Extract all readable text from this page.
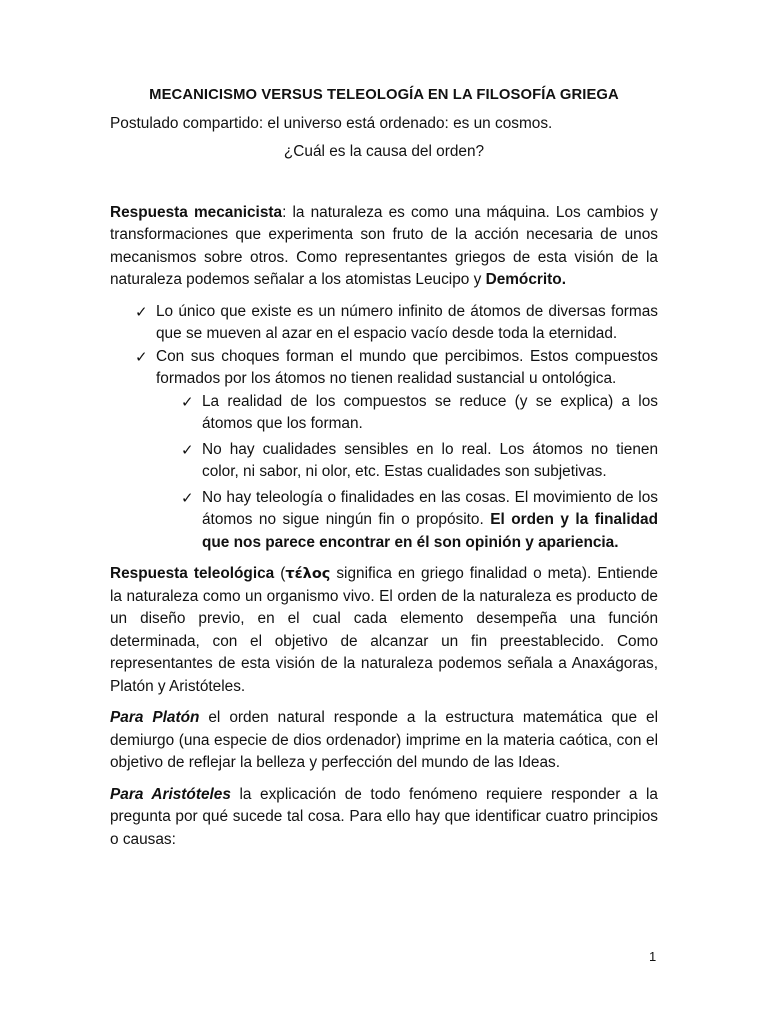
MECANICISMO VERSUS TELEOLOGÍA EN LA FILOSOFÍA GRIEGA

Postulado compartido: el universo está ordenado: es un cosmos.

¿Cuál es la causa del orden?

Respuesta mecanicista: la naturaleza es como una máquina. Los cambios y transformaciones que experimenta son fruto de la acción necesaria de unos mecanismos sobre otros. Como representantes griegos de esta visión de la naturaleza podemos señalar a los atomistas Leucipo y Demócrito.

✓ Lo único que existe es un número infinito de átomos de diversas formas que se mueven al azar en el espacio vacío desde toda la eternidad.
✓ Con sus choques forman el mundo que percibimos. Estos compuestos formados por los átomos no tienen realidad sustancial u ontológica.
✓ La realidad de los compuestos se reduce (y se explica) a los átomos que los forman.
✓ No hay cualidades sensibles en lo real. Los átomos no tienen color, ni sabor, ni olor, etc. Estas cualidades son subjetivas.
✓ No hay teleología o finalidades en las cosas. El movimiento de los átomos no sigue ningún fin o propósito. El orden y la finalidad que nos parece encontrar en él son opinión y apariencia.

Respuesta teleológica (τέλος significa en griego finalidad o meta). Entiende la naturaleza como un organismo vivo. El orden de la naturaleza es producto de un diseño previo, en el cual cada elemento desempeña una función determinada, con el objetivo de alcanzar un fin preestablecido. Como representantes de esta visión de la naturaleza podemos señala a Anaxágoras, Platón y Aristóteles.

Para Platón el orden natural responde a la estructura matemática que el demiurgo (una especie de dios ordenador) imprime en la materia caótica, con el objetivo de reflejar la belleza y perfección del mundo de las Ideas.

Para Aristóteles la explicación de todo fenómeno requiere responder a la pregunta por qué sucede tal cosa. Para ello hay que identificar cuatro principios o causas:

1
